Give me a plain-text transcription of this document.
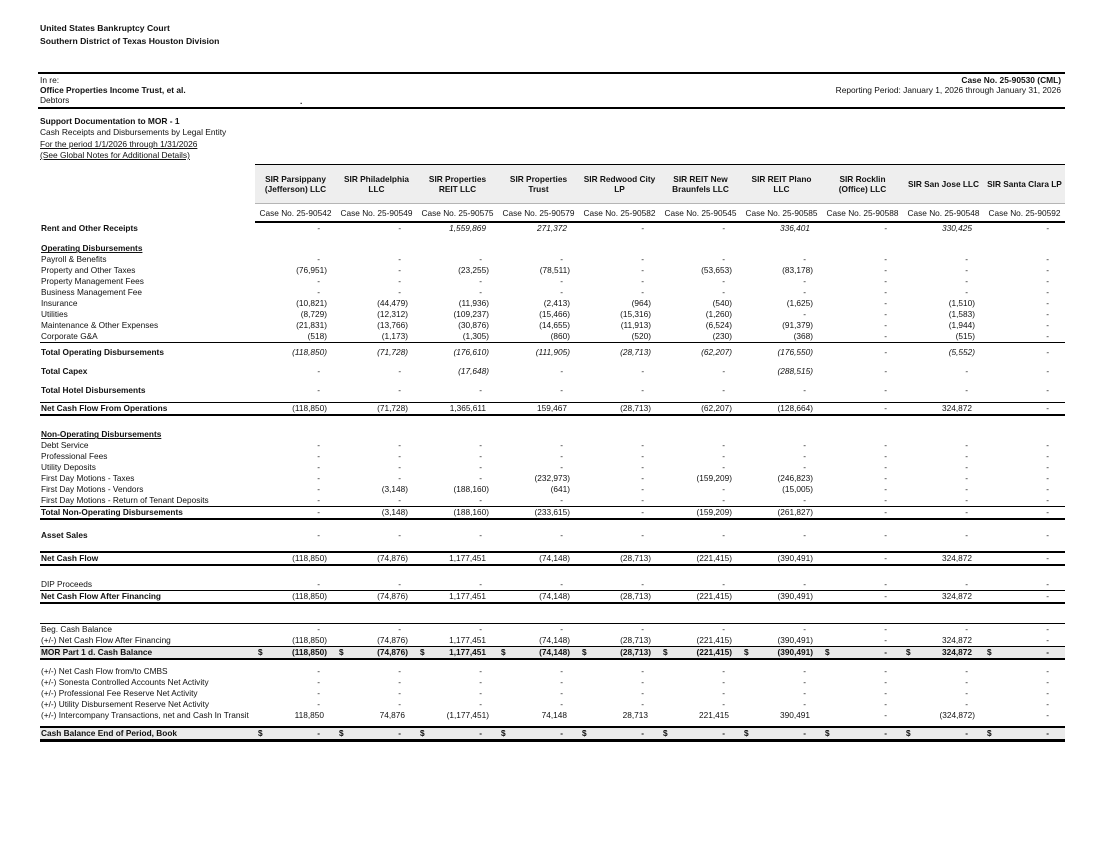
United States Bankruptcy Court
Southern District of Texas Houston Division
In re:
Office Properties Income Trust, et al.
Debtors	.
Case No. 25-90530 (CML)
Reporting Period: January 1, 2026 through January 31, 2026
Support Documentation to MOR - 1
Cash Receipts and Disbursements by Legal Entity
For the period 1/1/2026 through 1/31/2026
(See Global Notes for Additional Details)
	SIR Parsippany (Jefferson) LLC	SIR Philadelphia LLC	SIR Properties REIT LLC	SIR Properties Trust	SIR Redwood City LP	SIR REIT New Braunfels LLC	SIR REIT Plano LLC	SIR Rocklin (Office) LLC	SIR San Jose LLC	SIR Santa Clara LP
	Case No. 25-90542	Case No. 25-90549	Case No. 25-90575	Case No. 25-90579	Case No. 25-90582	Case No. 25-90545	Case No. 25-90585	Case No. 25-90588	Case No. 25-90548	Case No. 25-90592
Rent and Other Receipts	-	-	1,559,869	271,372	-	-	336,401	-	330,425	-

Operating Disbursements										
Payroll & Benefits	-	-	-	-	-	-	-	-	-	-
Property and Other Taxes	(76,951)	-	(23,255)	(78,511)	-	(53,653)	(83,178)	-	-	-
Property Management Fees	-	-	-	-	-	-	-	-	-	-
Business Management Fee	-	-	-	-	-	-	-	-	-	-
Insurance	(10,821)	(44,479)	(11,936)	(2,413)	(964)	(540)	(1,625)	-	(1,510)	-
Utilities	(8,729)	(12,312)	(109,237)	(15,466)	(15,316)	(1,260)	-	-	(1,583)	-
Maintenance & Other Expenses	(21,831)	(13,766)	(30,876)	(14,655)	(11,913)	(6,524)	(91,379)	-	(1,944)	-
Corporate G&A	(518)	(1,173)	(1,305)	(860)	(520)	(230)	(368)	-	(515)	-

Total Operating Disbursements	(118,850)	(71,728)	(176,610)	(111,905)	(28,713)	(62,207)	(176,550)	-	(5,552)	-

Total Capex	-	-	(17,648)	-	-	-	(288,515)	-	-	-

Total Hotel Disbursements	-	-	-	-	-	-	-	-	-	-

Net Cash Flow From Operations	(118,850)	(71,728)	1,365,611	159,467	(28,713)	(62,207)	(128,664)	-	324,872	-

Non-Operating Disbursements										
Debt Service	-	-	-	-	-	-	-	-	-	-
Professional Fees	-	-	-	-	-	-	-	-	-	-
Utility Deposits	-	-	-	-	-	-	-	-	-	-
First Day Motions - Taxes	-	-	-	(232,973)	-	(159,209)	(246,823)	-	-	-
First Day Motions - Vendors	-	(3,148)	(188,160)	(641)	-	-	(15,005)	-	-	-
First Day Motions - Return of Tenant Deposits	-	-	-	-	-	-	-	-	-	-
Total Non-Operating Disbursements	-	(3,148)	(188,160)	(233,615)	-	(159,209)	(261,827)	-	-	-

Asset Sales	-	-	-	-	-	-	-	-	-	-

Net Cash Flow	(118,850)	(74,876)	1,177,451	(74,148)	(28,713)	(221,415)	(390,491)	-	324,872	-

DIP Proceeds	-	-	-	-	-	-	-	-	-	-
Net Cash Flow After Financing	(118,850)	(74,876)	1,177,451	(74,148)	(28,713)	(221,415)	(390,491)	-	324,872	-

Beg. Cash Balance	-	-	-	-	-	-	-	-	-	-
(+/-) Net Cash Flow After Financing	(118,850)	(74,876)	1,177,451	(74,148)	(28,713)	(221,415)	(390,491)	-	324,872	-
MOR Part 1 d. Cash Balance	$ (118,850)	$ (74,876)	$ 1,177,451	$ (74,148)	$ (28,713)	$ (221,415)	$ (390,491)	$ -	$ 324,872	$ -

(+/-) Net Cash Flow from/to CMBS	-	-	-	-	-	-	-	-	-	-
(+/-) Sonesta Controlled Accounts Net Activity	-	-	-	-	-	-	-	-	-	-
(+/-) Professional Fee Reserve Net Activity	-	-	-	-	-	-	-	-	-	-
(+/-) Utility Disbursement Reserve Net Activity	-	-	-	-	-	-	-	-	-	-
(+/-) Intercompany Transactions, net and Cash In Transit	118,850	74,876	(1,177,451)	74,148	28,713	221,415	390,491	-	(324,872)	-

Cash Balance End of Period, Book	$ -	$ -	$ -	$ -	$ -	$ -	$ -	$ -	$ -	$ -
